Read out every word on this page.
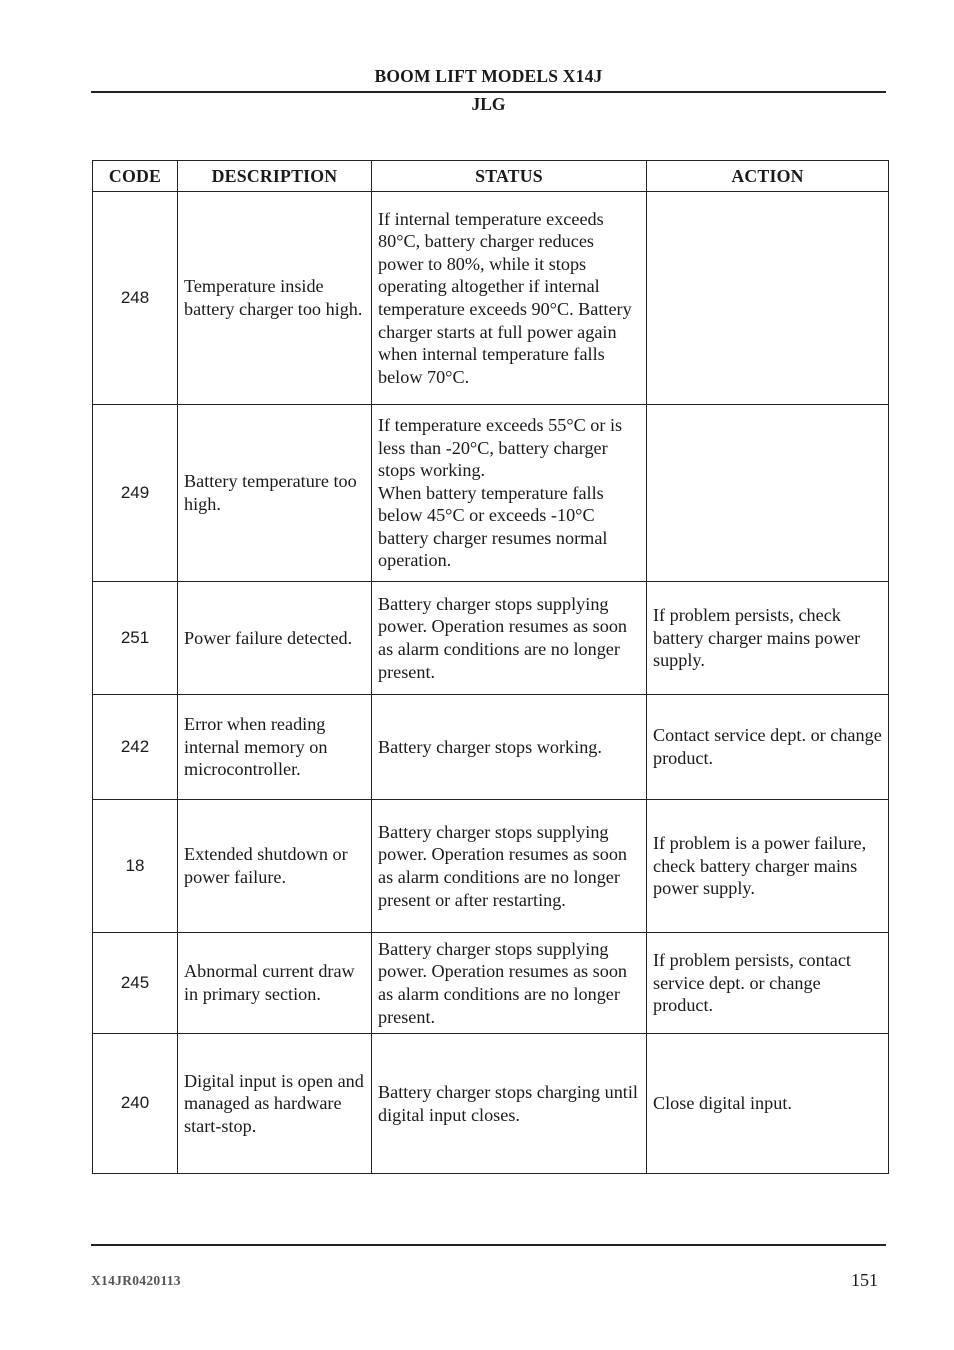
BOOM LIFT MODELS X14J
JLG
CODE	DESCRIPTION	STATUS	ACTION
248	Temperature inside battery charger too high.	If internal temperature exceeds 80°C, battery charger reduces power to 80%, while it stops operating altogether if internal temperature exceeds 90°C. Battery charger starts at full power again when internal temperature falls below 70°C.	
249	Battery temperature too high.	If temperature exceeds 55°C or is less than -20°C, battery charger stops working.
When battery temperature falls below 45°C or exceeds -10°C battery charger resumes normal operation.	
251	Power failure detected.	Battery charger stops supplying power. Operation resumes as soon as alarm conditions are no longer present.	If problem persists, check battery charger mains power supply.
242	Error when reading internal memory on microcontroller.	Battery charger stops working.	Contact service dept. or change product.
18	Extended shutdown or power failure.	Battery charger stops supplying power. Operation resumes as soon as alarm conditions are no longer present or after restarting.	If problem is a power failure, check battery charger mains power supply.
245	Abnormal current draw in primary section.	Battery charger stops supplying power. Operation resumes as soon as alarm conditions are no longer present.	If problem persists, contact service dept. or change product.
240	Digital input is open and managed as hardware start-stop.	Battery charger stops charging until digital input closes.	Close digital input.
X14JR0420113	151
